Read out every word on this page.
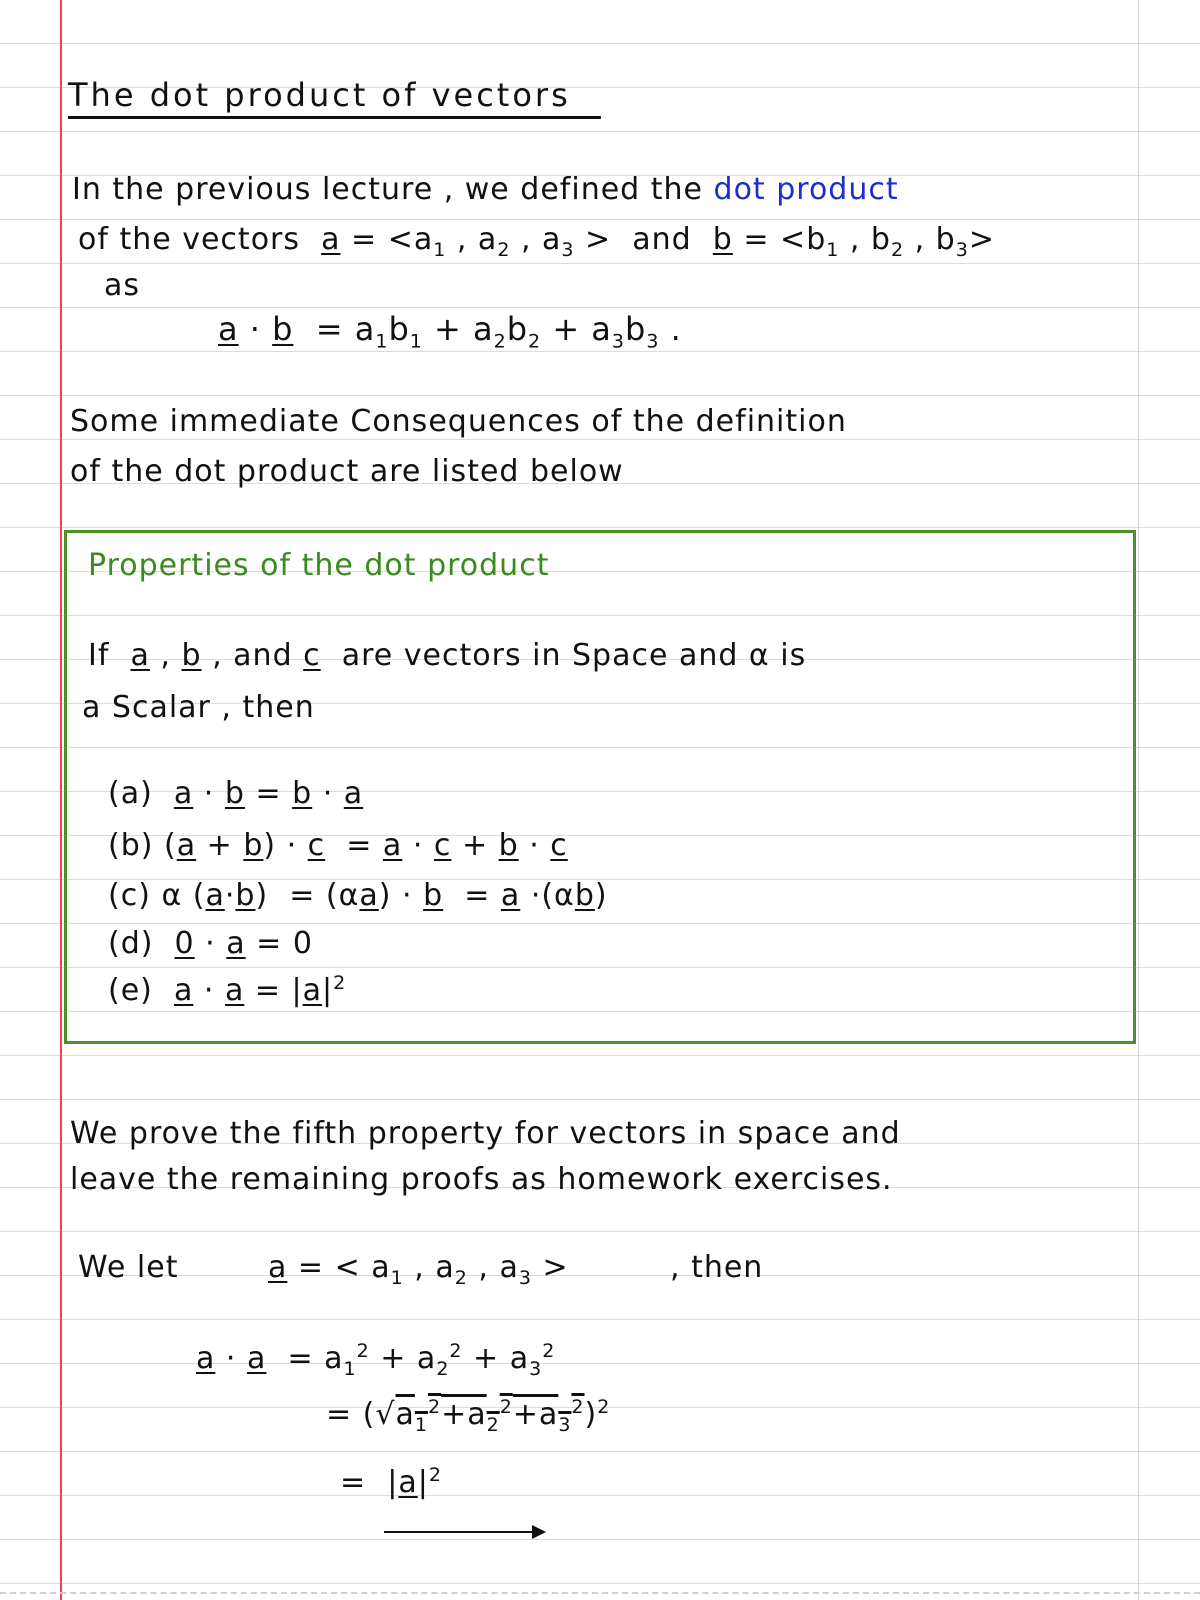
The dot product of vectors
In the previous lecture , we defined the dot product
of the vectors $a = <a_1$ , $a_2$ , $a_3$ >  and $b = <b_1$ , $b_2$ , $b_3>$
as
$a \cdot b = a_1b_1 + a_2b_2 + a_3b_3$ .
Some immediate Consequences of the definition
of the dot product are listed below
Properties of the dot product
If a , b , and c are vectors in Space and α is
a Scalar , then
(a)  a · b = b · a
(b) (a + b) · c  = a · c + b · c
(c) α (a·b)  = (αa) · b  = a ·(αb)
(d)  0 · a = 0
(e)  $a \cdot a = |a|^2$
We prove the fifth property for vectors in space and
leave the remaining proofs as homework exercises.
We let	a = < $a_1$ , $a_2$ , $a_3$ >	, then
$a \cdot a = a_1^2 + a_2^2 + a_3^2$
= $(√a_1^2+a_2^2+a_3^2)^2$
=  $|a|^2$
